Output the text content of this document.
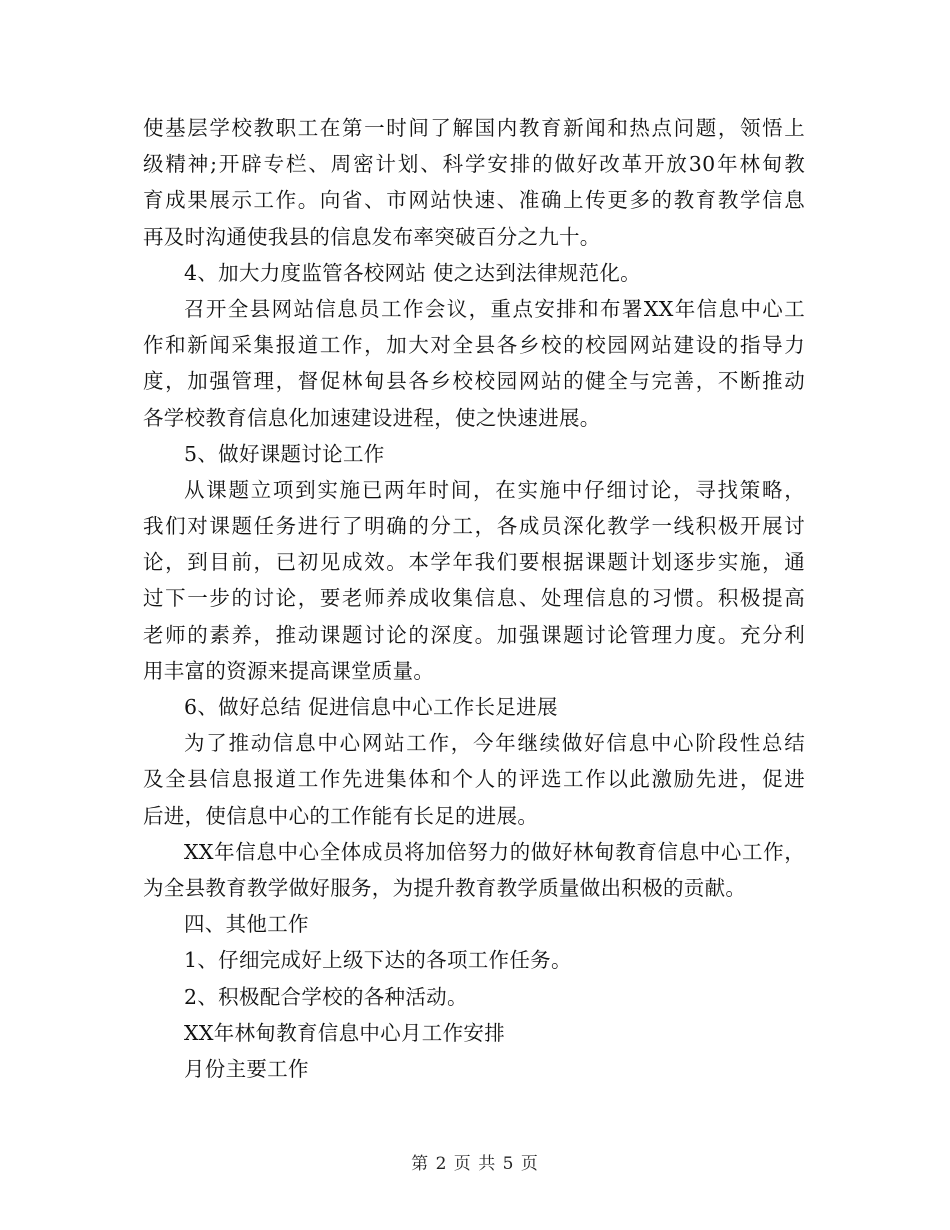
使基层学校教职工在第一时间了解国内教育新闻和热点问题，领悟上
级精神;开辟专栏、周密计划、科学安排的做好改革开放30年林甸教
育成果展示工作。向省、市网站快速、准确上传更多的教育教学信息
再及时沟通使我县的信息发布率突破百分之九十。
4、加大力度监管各校网站 使之达到法律规范化。
召开全县网站信息员工作会议，重点安排和布署XX年信息中心工
作和新闻采集报道工作，加大对全县各乡校的校园网站建设的指导力
度，加强管理，督促林甸县各乡校校园网站的健全与完善，不断推动
各学校教育信息化加速建设进程，使之快速进展。
5、做好课题讨论工作
从课题立项到实施已两年时间，在实施中仔细讨论，寻找策略，
我们对课题任务进行了明确的分工，各成员深化教学一线积极开展讨
论，到目前，已初见成效。本学年我们要根据课题计划逐步实施，通
过下一步的讨论，要老师养成收集信息、处理信息的习惯。积极提高
老师的素养，推动课题讨论的深度。加强课题讨论管理力度。充分利
用丰富的资源来提高课堂质量。
6、做好总结 促进信息中心工作长足进展
为了推动信息中心网站工作，今年继续做好信息中心阶段性总结
及全县信息报道工作先进集体和个人的评选工作以此激励先进，促进
后进，使信息中心的工作能有长足的进展。
XX年信息中心全体成员将加倍努力的做好林甸教育信息中心工作，
为全县教育教学做好服务，为提升教育教学质量做出积极的贡献。
四、其他工作
1、仔细完成好上级下达的各项工作任务。
2、积极配合学校的各种活动。
XX年林甸教育信息中心月工作安排
月份主要工作
第 2 页 共 5 页
